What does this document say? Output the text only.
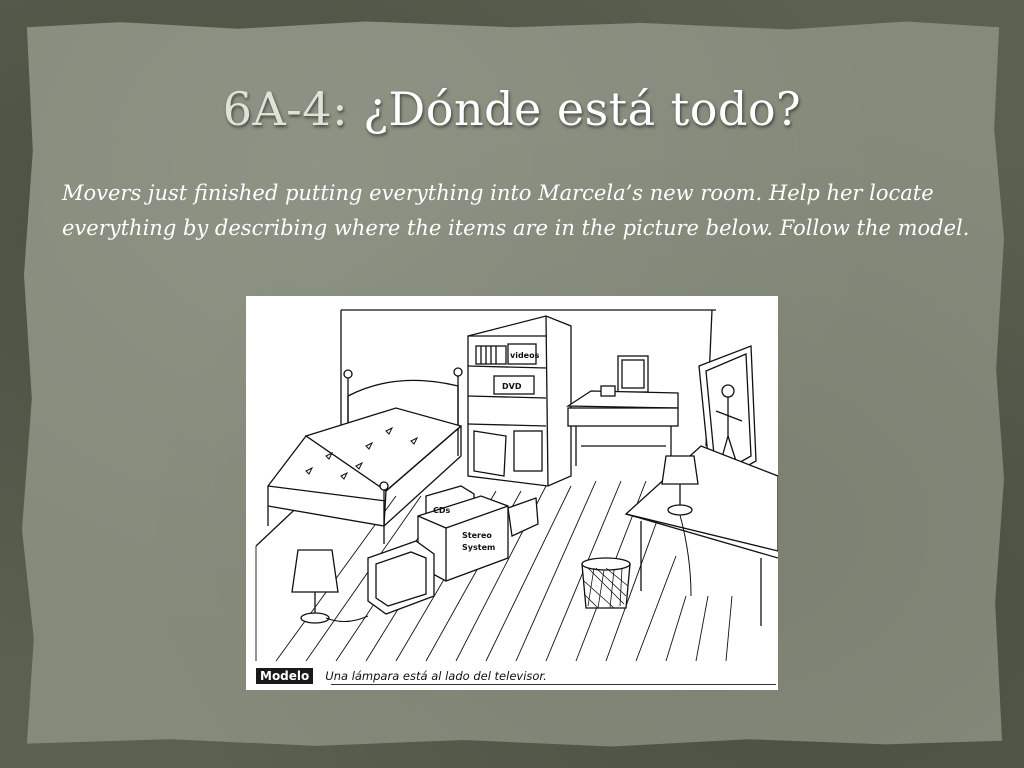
6A-4: ¿Dónde está todo?

Movers just finished putting everything into Marcela’s new room. Help her locate everything by describing where the items are in the picture below. Follow the model.

videos
DVD
CDs
Stereo
System
Modelo	Una lámpara está al lado del televisor.
